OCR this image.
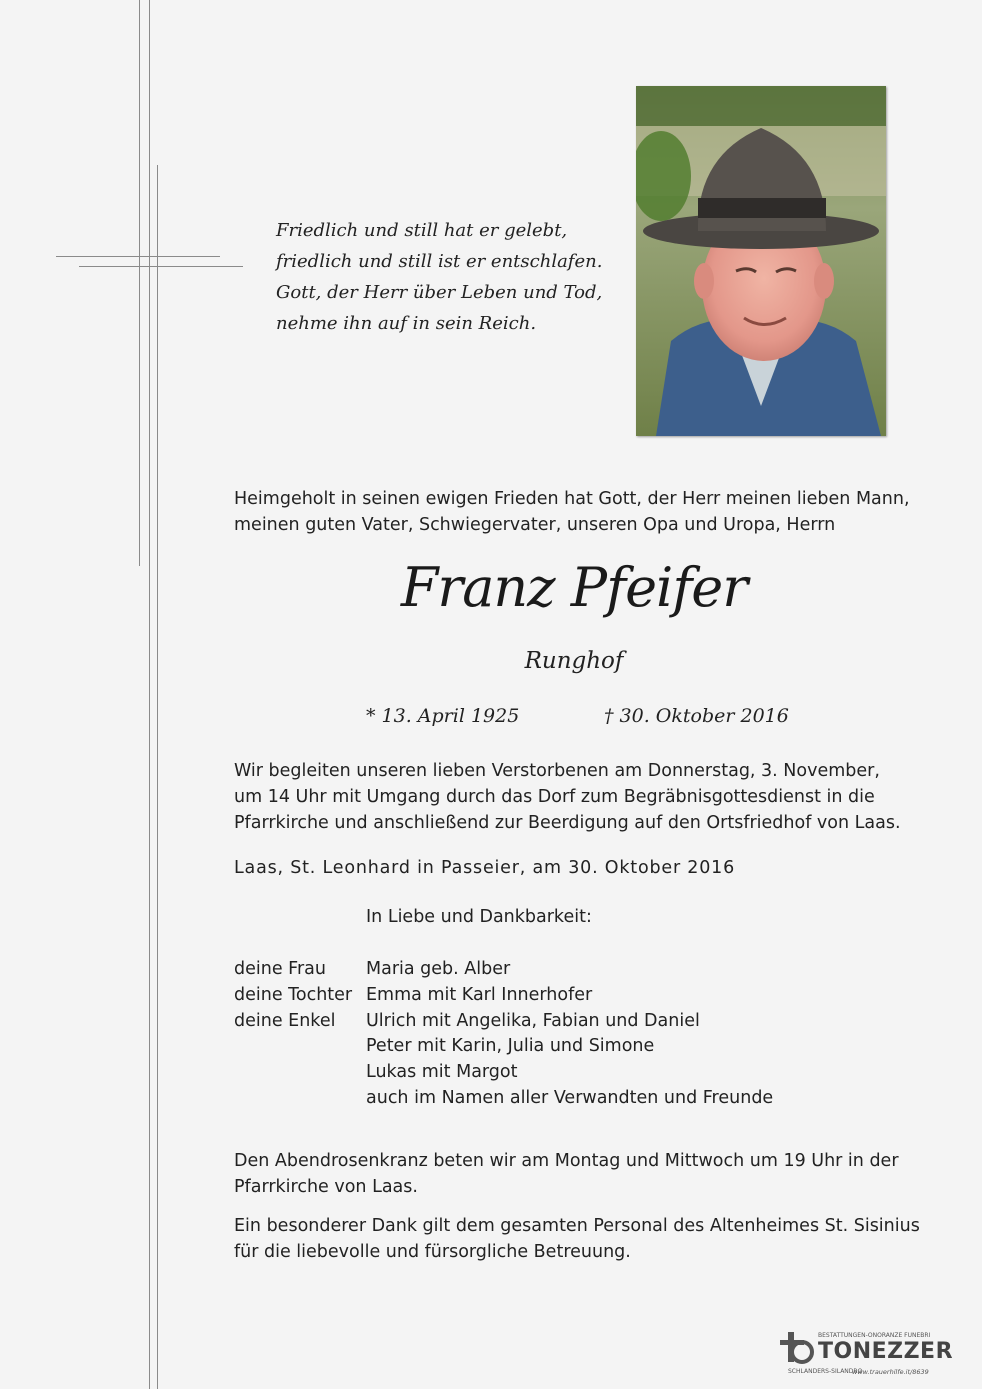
Friedlich und still hat er gelebt,
friedlich und still ist er entschlafen.
Gott, der Herr über Leben und Tod,
nehme ihn auf in sein Reich.
Heimgeholt in seinen ewigen Frieden hat Gott, der Herr meinen lieben Mann,
meinen guten Vater, Schwiegervater, unseren Opa und Uropa, Herrn
Franz Pfeifer
Runghof
* 13. April 1925	† 30. Oktober 2016
Wir begleiten unseren lieben Verstorbenen am Donnerstag, 3. November,
um 14 Uhr mit Umgang durch das Dorf zum Begräbnisgottesdienst in die
Pfarrkirche und anschließend zur Beerdigung auf den Ortsfriedhof von Laas.
Laas, St. Leonhard in Passeier, am 30. Oktober 2016
In Liebe und Dankbarkeit:
deine Frau Maria geb. Alber
deine Tochter Emma mit Karl Innerhofer
deine Enkel Ulrich mit Angelika, Fabian und Daniel
Peter mit Karin, Julia und Simone
Lukas mit Margot
auch im Namen aller Verwandten und Freunde
Den Abendrosenkranz beten wir am Montag und Mittwoch um 19 Uhr in der
Pfarrkirche von Laas.
Ein besonderer Dank gilt dem gesamten Personal des Altenheimes St. Sisinius
für die liebevolle und fürsorgliche Betreuung.
BESTATTUNGEN-ONORANZE FUNEBRI
TONEZZER
SCHLANDERS-SILANDRO
www.trauerhilfe.it/8639
